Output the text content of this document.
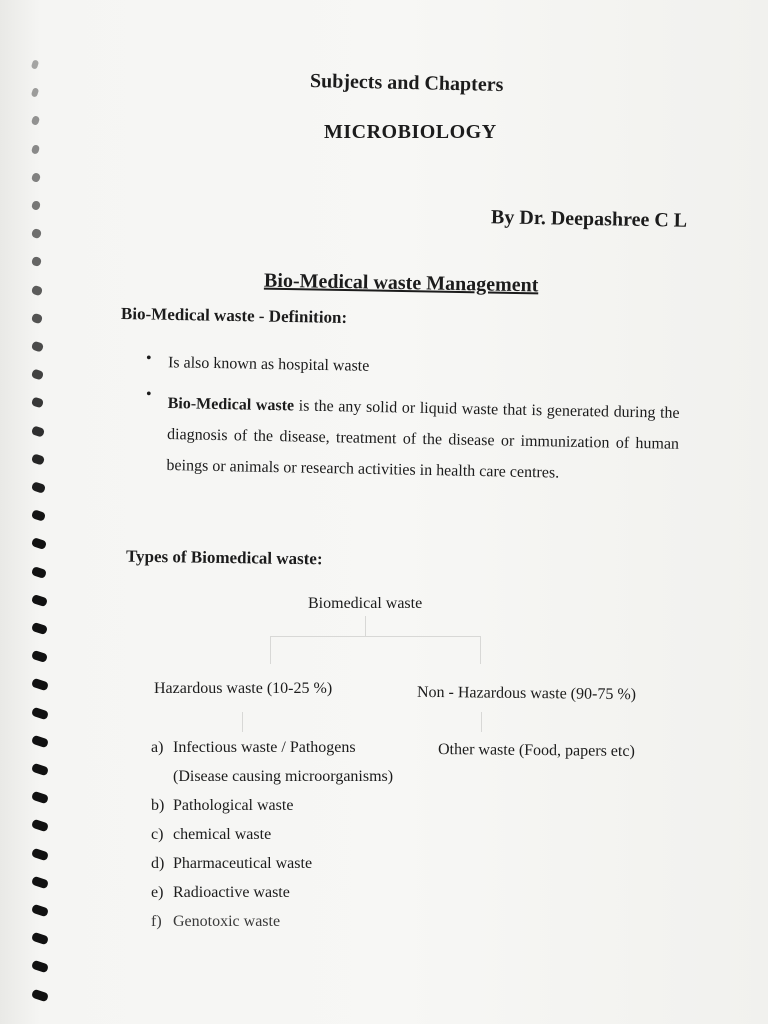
Subjects and Chapters
MICROBIOLOGY
By Dr. Deepashree C L
Bio-Medical waste Management
Bio-Medical waste - Definition:
• Is also known as hospital waste
•
Bio-Medical waste is the any solid or liquid waste that is generated during the diagnosis of the disease, treatment of the disease or immunization of human beings or animals or research activities in health care centres.
Types of Biomedical waste:
Biomedical waste
Hazardous waste (10-25 %)	Non - Hazardous waste (90-75 %)
Other waste (Food, papers etc)
a) Infectious waste / Pathogens
(Disease causing microorganisms)
b) Pathological waste
c) chemical waste
d) Pharmaceutical waste
e) Radioactive waste
f) Genotoxic waste
